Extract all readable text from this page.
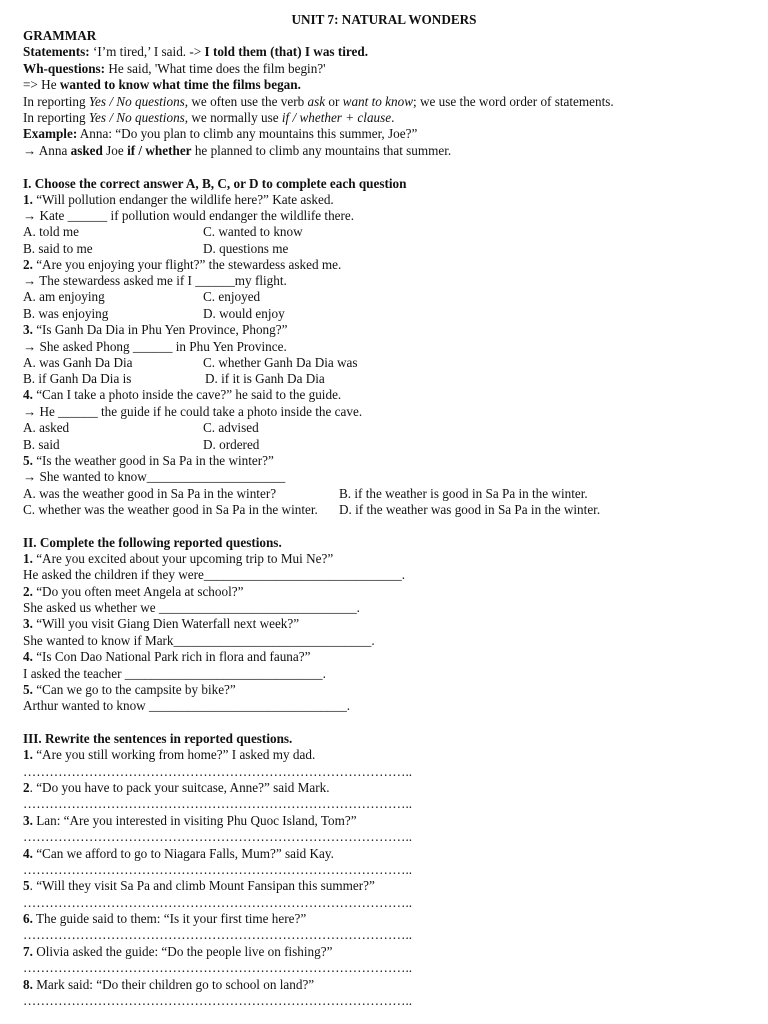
UNIT 7: NATURAL WONDERS
GRAMMAR
Statements: ‘I’m tired,’ I said. -> I told them (that) I was tired.
Wh-questions: He said, 'What time does the film begin?'
=> He wanted to know what time the films began.
In reporting Yes / No questions, we often use the verb ask or want to know; we use the word order of statements.
In reporting Yes / No questions, we normally use if / whether + clause.
Example: Anna: “Do you plan to climb any mountains this summer, Joe?”
→ Anna asked Joe if / whether he planned to climb any mountains that summer.
I. Choose the correct answer A, B, C, or D to complete each question
1. “Will pollution endanger the wildlife here?” Kate asked.
→ Kate ______ if pollution would endanger the wildlife there.
A. told me	C. wanted to know
B. said to me	D. questions me
2. “Are you enjoying your flight?” the stewardess asked me.
→ The stewardess asked me if I ______my flight.
A. am enjoying	C. enjoyed
B. was enjoying	D. would enjoy
3. “Is Ganh Da Dia in Phu Yen Province, Phong?”
→ She asked Phong ______ in Phu Yen Province.
A. was Ganh Da Dia	C. whether Ganh Da Dia was
B. if Ganh Da Dia is	D. if it is Ganh Da Dia
4. “Can I take a photo inside the cave?” he said to the guide.
→ He ______ the guide if he could take a photo inside the cave.
A. asked	C. advised
B. said	D. ordered
5. “Is the weather good in Sa Pa in the winter?”
→ She wanted to know_____________________
A. was the weather good in Sa Pa in the winter?	B. if the weather is good in Sa Pa in the winter.
C. whether was the weather good in Sa Pa in the winter. D. if the weather was good in Sa Pa in the winter.
II. Complete the following reported questions.
1. “Are you excited about your upcoming trip to Mui Ne?”
He asked the children if they were______________________________.
2. “Do you often meet Angela at school?”
She asked us whether we ______________________________.
3. “Will you visit Giang Dien Waterfall next week?”
She wanted to know if Mark______________________________.
4. “Is Con Dao National Park rich in flora and fauna?”
I asked the teacher ______________________________.
5. “Can we go to the campsite by bike?”
Arthur wanted to know ______________________________.
III. Rewrite the sentences in reported questions.
1. “Are you still working from home?” I asked my dad.
……………………………………………………………………………..
2. “Do you have to pack your suitcase, Anne?” said Mark.
……………………………………………………………………………..
3. Lan: “Are you interested in visiting Phu Quoc Island, Tom?”
……………………………………………………………………………..
4. “Can we afford to go to Niagara Falls, Mum?” said Kay.
……………………………………………………………………………..
5. “Will they visit Sa Pa and climb Mount Fansipan this summer?”
……………………………………………………………………………..
6. The guide said to them: “Is it your first time here?”
……………………………………………………………………………..
7. Olivia asked the guide: “Do the people live on fishing?”
……………………………………………………………………………..
8. Mark said: “Do their children go to school on land?”
……………………………………………………………………………..
